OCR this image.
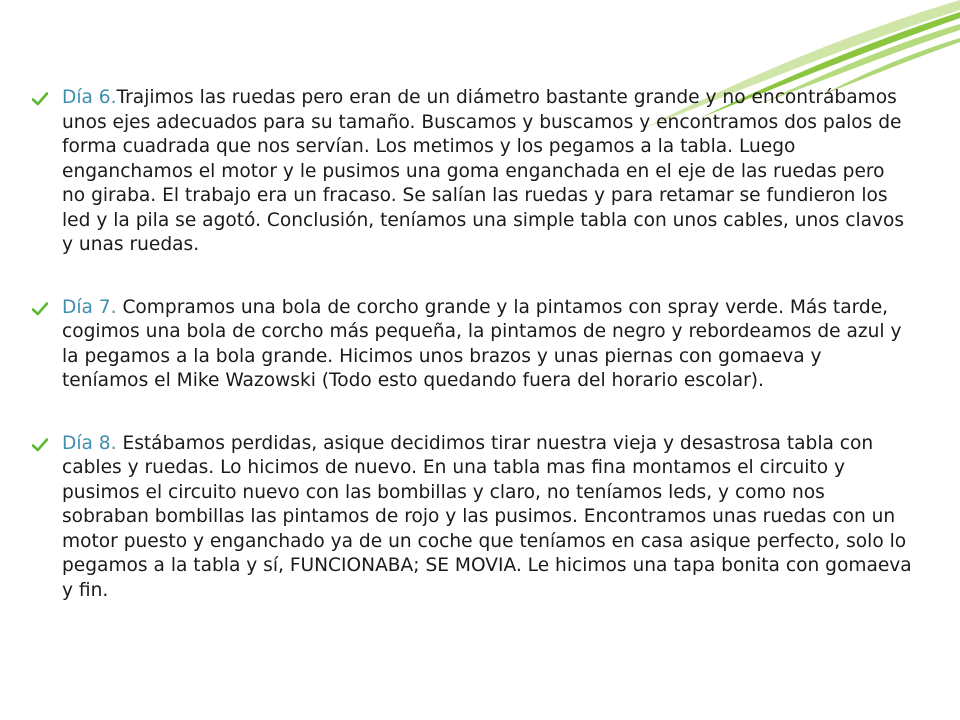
Día 6.Trajimos las ruedas pero eran de un diámetro bastante grande y no encontrábamos unos ejes adecuados para su tamaño. Buscamos y buscamos y encontramos dos palos de forma cuadrada que nos servían. Los metimos y los pegamos a la tabla. Luego enganchamos el motor y le pusimos una goma enganchada en el eje de las ruedas pero no giraba. El trabajo era un fracaso. Se salían las ruedas y para retamar se fundieron los led y la pila se agotó. Conclusión, teníamos una simple tabla con unos cables, unos clavos y unas ruedas.
Día 7. Compramos una bola de corcho grande y la pintamos con spray verde. Más tarde, cogimos una bola de corcho más pequeña, la pintamos de negro y rebordeamos de azul y la pegamos a la bola grande. Hicimos unos brazos y unas piernas con gomaeva y teníamos el Mike Wazowski (Todo esto quedando fuera del horario escolar).
Día 8. Estábamos perdidas, asique decidimos tirar nuestra vieja y desastrosa tabla con cables y ruedas. Lo hicimos de nuevo. En una tabla mas fina montamos el circuito y pusimos el circuito nuevo con las bombillas y claro, no teníamos leds, y como nos sobraban bombillas las pintamos de rojo y las pusimos. Encontramos unas ruedas con un motor puesto y enganchado ya de un coche que teníamos en casa asique perfecto, solo lo pegamos a la tabla y sí, FUNCIONABA; SE MOVIA. Le hicimos una tapa bonita con gomaeva y fin.
